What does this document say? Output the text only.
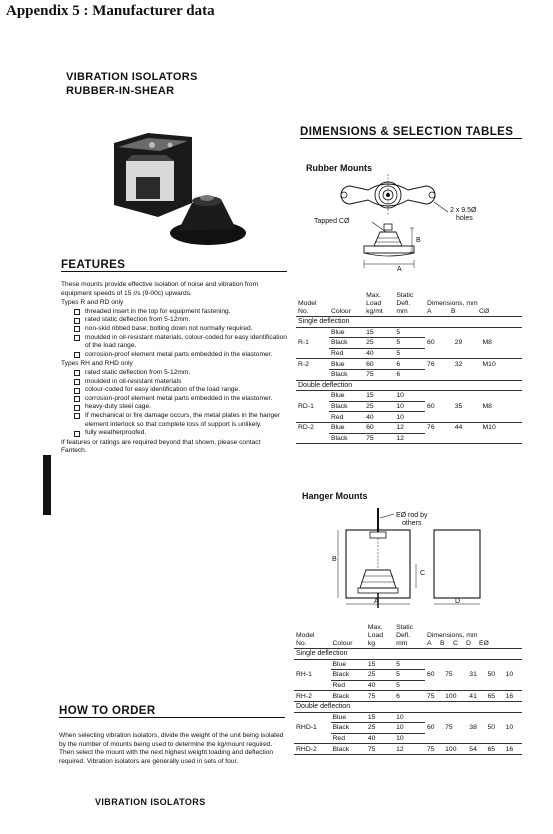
Appendix 5 : Manufacturer data
VIBRATION ISOLATORS
RUBBER-IN-SHEAR
FEATURES

These mounts provide effective isolation of noise and vibration from equipment speeds of 15 r/s (9-00c) upwards.

Types R and RD only

threaded insert in the top for equipment fastening.
rated static deflection from 5-12mm.
non-skid ribbed base; bolting down not normally required.
moulded in oil-resistant materials, colour-coded for easy identification of the load range.
corrosion-proof element metal parts embedded in the elastomer.

Types RH and RHD only

rated static deflection from 5-12mm.
moulded in oil-resistant materials
colour-coded for easy identification of the load range.
corrosion-proof element metal parts embedded in the elastomer.
heavy-duty steel cage.
If mechanical or fire damage occurs, the metal plates in the hanger element interlock so that complete loss of support is unlikely.
fully weatherproofed.

If features or ratings are required beyond that shown, please contact Fantech.

HOW TO ORDER

When selecting vibration isolators, divide the weight of the unit being isolated by the number of mounts being used to determine the kg/mount required. Then select the mount with the next highest weight loading and deflection required. Vibration isolators are generally used in sets of four.

VIBRATION ISOLATORS
DIMENSIONS & SELECTION TABLES
Rubber Mounts
Tapped CØ
2 x 9.5Ø
holes
B
A
Model
No.	Colour	Max.
Load
kg/mt	Static
Defl.
mm	Dimensions, mm
A B CØ		
Single deflection						
	Blue	15	5			
R-1	Black	25	5	60	29	M8
	Red	40	5			
R-2	Blue	60	6	76	32	M10
	Black	75	6			
Double deflection						
	Blue	15	10			
RD-1	Black	25	10	60	35	M8
	Red	40	10			
RD-2	Blue	60	12	76	44	M10
	Black	75	12			
Hanger Mounts
EØ rod by
others
B
C
A	D
Model
No.	Colour	Max.
Load
kg	Static
Defl.
mm	Dimensions, mm
A B C D EØ				
Single deflection								
	Blue	15	5					
RH-1	Black	25	5	60	75	31	50	10
	Red	40	5					
RH-2	Black	75	6	75	100	41	65	16
Double deflection								
	Blue	15	10					
RHD-1	Black	25	10	60	75	38	50	10
	Red	40	10					
RHD-2	Black	75	12	75	100	54	65	16
